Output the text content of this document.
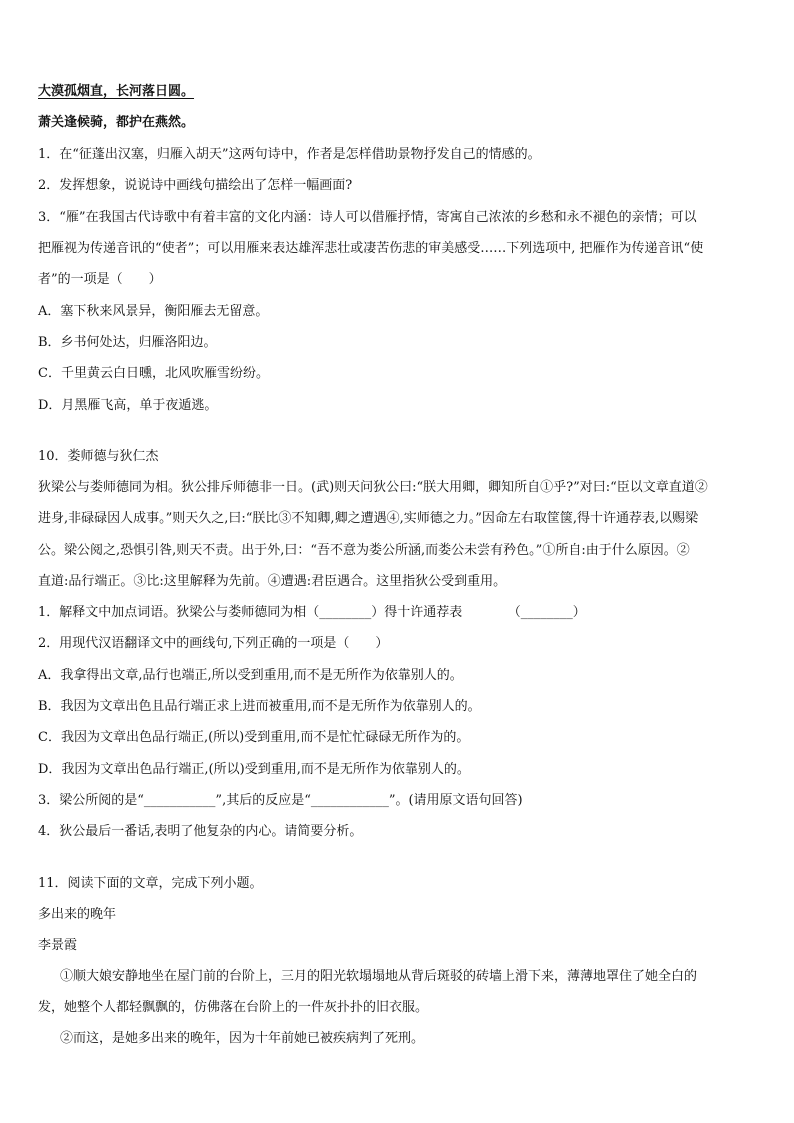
大漠孤烟直，长河落日圆。
萧关逢候骑，都护在燕然。
1．在“征蓬出汉塞，归雁入胡天”这两句诗中，作者是怎样借助景物抒发自己的情感的。
2．发挥想象，说说诗中画线句描绘出了怎样一幅画面?
3．“雁”在我国古代诗歌中有着丰富的文化内涵：诗人可以借雁抒情，寄寓自己浓浓的乡愁和永不褪色的亲情；可以
把雁视为传递音讯的“使者”；可以用雁来表达雄浑悲壮或凄苦伤悲的审美感受……下列选项中, 把雁作为传递音讯“使
者”的一项是（　　）
A．塞下秋来风景异，衡阳雁去无留意。
B．乡书何处达，归雁洛阳边。
C．千里黄云白日曛，北风吹雁雪纷纷。
D．月黑雁飞高，单于夜遁逃。
10．娄师德与狄仁杰
狄梁公与娄师德同为相。狄公排斥师德非一日。(武)则天问狄公曰:“朕大用卿，卿知所自①乎?”对曰:“臣以文章直道②
进身,非碌碌因人成事。”则天久之,曰:“朕比③不知卿,卿之遭遇④,实师德之力。”因命左右取筐箧,得十许通荐表,以赐梁
公。梁公阅之,恐惧引咎,则天不责。出于外,曰：“吾不意为娄公所涵,而娄公未尝有矜色。”①所自:由于什么原因。②
直道:品行端正。③比:这里解释为先前。④遭遇:君臣遇合。这里指狄公受到重用。
1．解释文中加点词语。狄梁公与娄师德同为相（________）得十许通荐表　　　　（________）
2．用现代汉语翻译文中的画线句,下列正确的一项是（　　）
A．我拿得出文章,品行也端正,所以受到重用,而不是无所作为依靠别人的。
B．我因为文章出色且品行端正求上进而被重用,而不是无所作为依靠别人的。
C．我因为文章出色品行端正,(所以)受到重用,而不是忙忙碌碌无所作为的。
D．我因为文章出色品行端正,(所以)受到重用,而不是无所作为依靠别人的。
3．梁公所阅的是“___________”,其后的反应是“____________”。(请用原文语句回答)
4．狄公最后一番话,表明了他复杂的内心。请简要分析。
11．阅读下面的文章，完成下列小题。
多出来的晚年
李景霞
①顺大娘安静地坐在屋门前的台阶上，三月的阳光软塌塌地从背后斑驳的砖墙上滑下来，薄薄地罩住了她全白的
发，她整个人都轻飘飘的，仿佛落在台阶上的一件灰扑扑的旧衣服。
②而这，是她多出来的晚年，因为十年前她已被疾病判了死刑。
